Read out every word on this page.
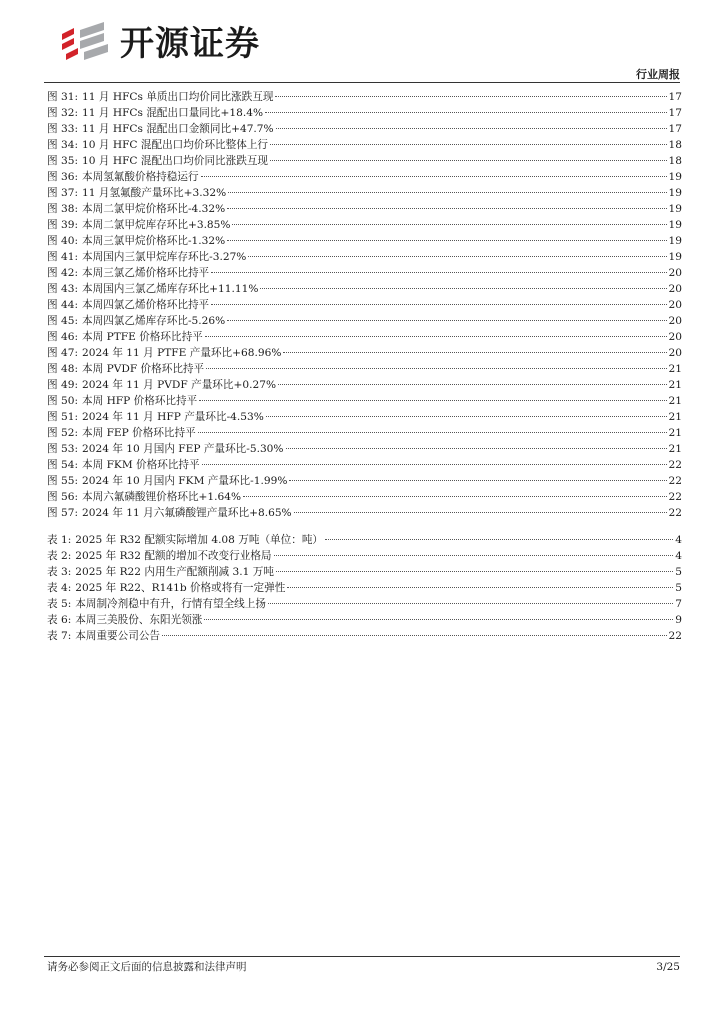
开源证券
行业周报
图 31: 11 月 HFCs 单质出口均价同比涨跌互现	17
图 32: 11 月 HFCs 混配出口量同比+18.4%	17
图 33: 11 月 HFCs 混配出口金额同比+47.7%	17
图 34: 10 月 HFC 混配出口均价环比整体上行	18
图 35: 10 月 HFC 混配出口均价同比涨跌互现	18
图 36: 本周氢氟酸价格持稳运行	19
图 37: 11 月氢氟酸产量环比+3.32%	19
图 38: 本周二氯甲烷价格环比-4.32%	19
图 39: 本周二氯甲烷库存环比+3.85%	19
图 40: 本周三氯甲烷价格环比-1.32%	19
图 41: 本周国内三氯甲烷库存环比-3.27%	19
图 42: 本周三氯乙烯价格环比持平	20
图 43: 本周国内三氯乙烯库存环比+11.11%	20
图 44: 本周四氯乙烯价格环比持平	20
图 45: 本周四氯乙烯库存环比-5.26%	20
图 46: 本周 PTFE 价格环比持平	20
图 47: 2024 年 11 月 PTFE 产量环比+68.96%	20
图 48: 本周 PVDF 价格环比持平	21
图 49: 2024 年 11 月 PVDF 产量环比+0.27%	21
图 50: 本周 HFP 价格环比持平	21
图 51: 2024 年 11 月 HFP 产量环比-4.53%	21
图 52: 本周 FEP 价格环比持平	21
图 53: 2024 年 10 月国内 FEP 产量环比-5.30%	21
图 54: 本周 FKM 价格环比持平	22
图 55: 2024 年 10 月国内 FKM 产量环比-1.99%	22
图 56: 本周六氟磷酸锂价格环比+1.64%	22
图 57: 2024 年 11 月六氟磷酸锂产量环比+8.65%	22
表 1: 2025 年 R32 配额实际增加 4.08 万吨（单位：吨）	4
表 2: 2025 年 R32 配额的增加不改变行业格局	4
表 3: 2025 年 R22 内用生产配额削减 3.1 万吨	5
表 4: 2025 年 R22、R141b 价格或将有一定弹性	5
表 5: 本周制冷剂稳中有升，行情有望全线上扬	7
表 6: 本周三美股份、东阳光领涨	9
表 7: 本周重要公司公告	22
请务必参阅正文后面的信息披露和法律声明	3/25
